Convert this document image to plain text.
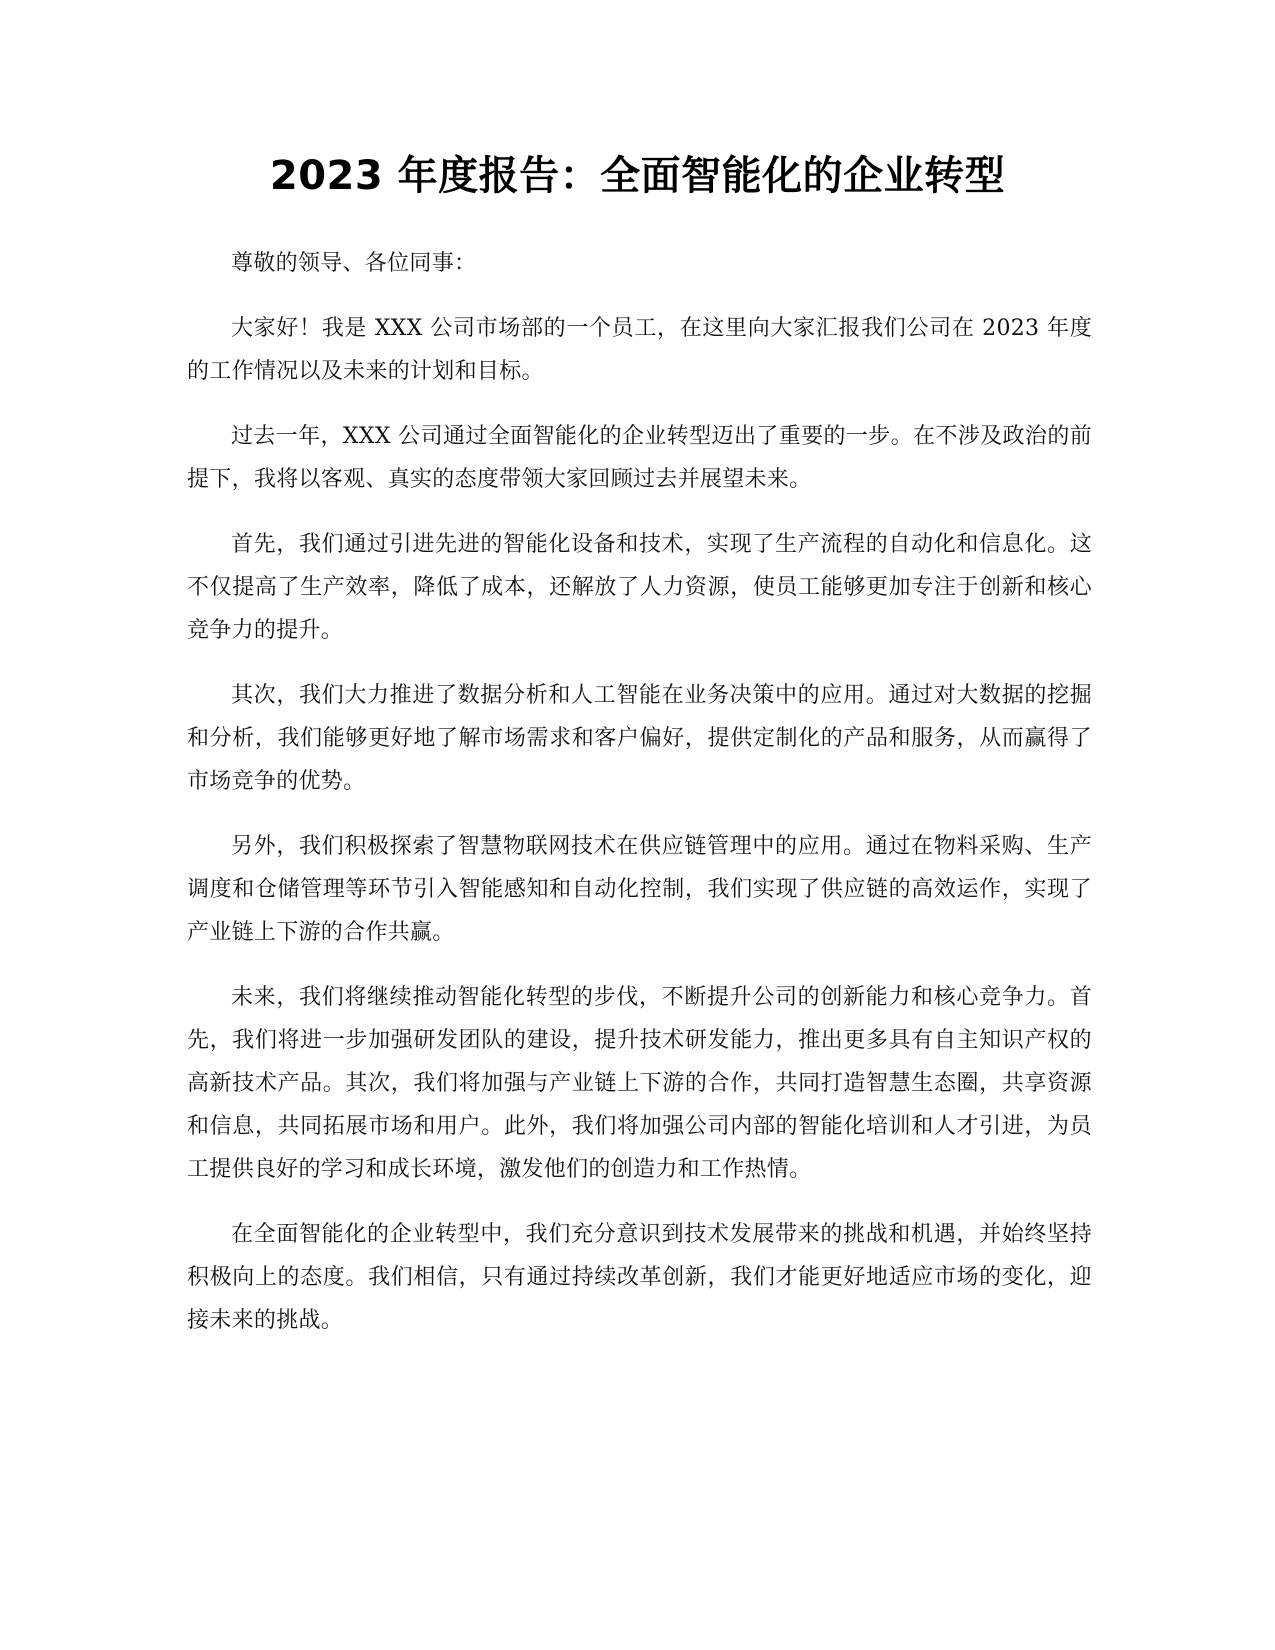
2023 年度报告：全面智能化的企业转型

尊敬的领导、各位同事：

大家好！我是 XXX 公司市场部的一个员工，在这里向大家汇报我们公司在 2023 年度的工作情况以及未来的计划和目标。

过去一年，XXX 公司通过全面智能化的企业转型迈出了重要的一步。在不涉及政治的前提下，我将以客观、真实的态度带领大家回顾过去并展望未来。

首先，我们通过引进先进的智能化设备和技术，实现了生产流程的自动化和信息化。这不仅提高了生产效率，降低了成本，还解放了人力资源，使员工能够更加专注于创新和核心竞争力的提升。

其次，我们大力推进了数据分析和人工智能在业务决策中的应用。通过对大数据的挖掘和分析，我们能够更好地了解市场需求和客户偏好，提供定制化的产品和服务，从而赢得了市场竞争的优势。

另外，我们积极探索了智慧物联网技术在供应链管理中的应用。通过在物料采购、生产调度和仓储管理等环节引入智能感知和自动化控制，我们实现了供应链的高效运作，实现了产业链上下游的合作共赢。

未来，我们将继续推动智能化转型的步伐，不断提升公司的创新能力和核心竞争力。首先，我们将进一步加强研发团队的建设，提升技术研发能力，推出更多具有自主知识产权的高新技术产品。其次，我们将加强与产业链上下游的合作，共同打造智慧生态圈，共享资源和信息，共同拓展市场和用户。此外，我们将加强公司内部的智能化培训和人才引进，为员工提供良好的学习和成长环境，激发他们的创造力和工作热情。

在全面智能化的企业转型中，我们充分意识到技术发展带来的挑战和机遇，并始终坚持积极向上的态度。我们相信，只有通过持续改革创新，我们才能更好地适应市场的变化，迎接未来的挑战。
